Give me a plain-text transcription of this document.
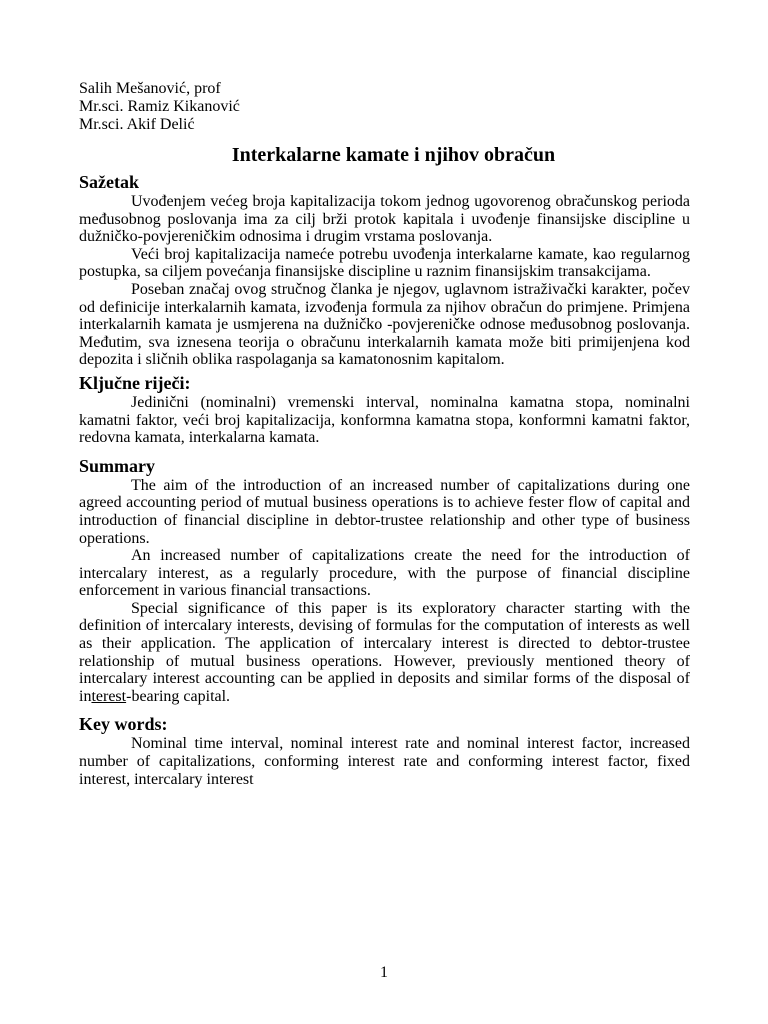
Salih Mešanović, prof
Mr.sci. Ramiz Kikanović
Mr.sci. Akif Delić
Interkalarne kamate i njihov obračun
Sažetak

Uvođenjem većeg broja kapitalizacija tokom jednog ugovorenog obračunskog perioda međusobnog poslovanja ima za cilj brži protok kapitala i uvođenje finansijske discipline u dužničko-povjereničkim odnosima i drugim vrstama poslovanja.

Veći broj kapitalizacija nameće potrebu uvođenja interkalarne kamate, kao regularnog postupka, sa ciljem povećanja finansijske discipline u raznim finansijskim transakcijama.

Poseban značaj ovog stručnog članka je njegov, uglavnom istraživački karakter, počev od definicije interkalarnih kamata, izvođenja formula za njihov obračun do primjene. Primjena interkalarnih kamata je usmjerena na dužničko -povjereničke odnose međusobnog poslovanja. Međutim, sva iznesena teorija o obračunu interkalarnih kamata može biti primijenjena kod depozita i sličnih oblika raspolaganja sa kamatonosnim kapitalom.

Ključne riječi:

Jedinični (nominalni) vremenski interval, nominalna kamatna stopa, nominalni kamatni faktor, veći broj kapitalizacija, konformna kamatna stopa, konformni kamatni faktor, redovna kamata, interkalarna kamata.

Summary

The aim of the introduction of an increased number of capitalizations during one agreed accounting period of mutual business operations is to achieve fester flow of capital and introduction of financial discipline in debtor-trustee relationship and other type of business operations.

An increased number of capitalizations create the need for the introduction of intercalary interest, as a regularly procedure, with the purpose of financial discipline enforcement in various financial transactions.

Special significance of this paper is its exploratory character starting with the definition of intercalary interests, devising of formulas for the computation of interests as well as their application. The application of intercalary interest is directed to debtor-trustee relationship of mutual business operations. However, previously mentioned theory of intercalary interest accounting can be applied in deposits and similar forms of the disposal of interest-bearing capital.

Key words:

Nominal time interval, nominal interest rate and nominal interest factor, increased number of capitalizations, conforming interest rate and conforming interest factor, fixed interest, intercalary interest

1
